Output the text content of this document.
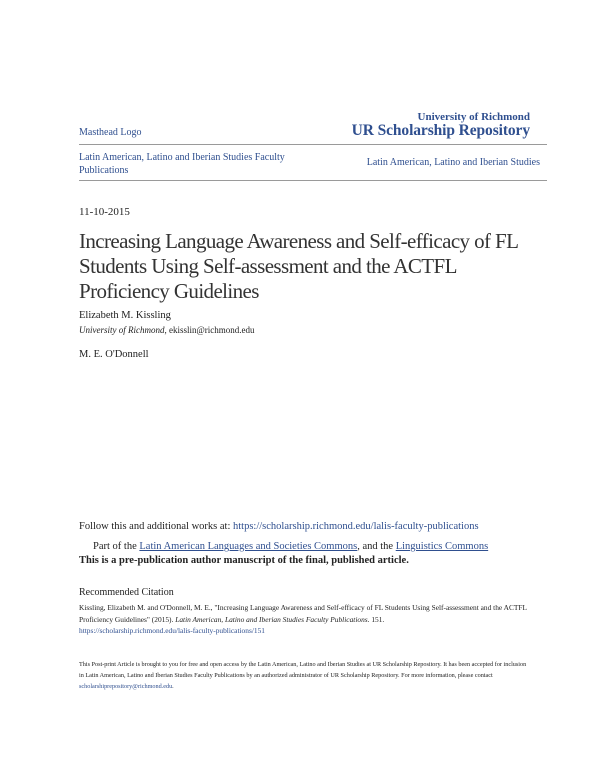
Masthead Logo
University of Richmond
UR Scholarship Repository
Latin American, Latino and Iberian Studies Faculty Publications
Latin American, Latino and Iberian Studies
11-10-2015
Increasing Language Awareness and Self-efficacy of FL Students Using Self-assessment and the ACTFL Proficiency Guidelines
Elizabeth M. Kissling
University of Richmond, ekisslin@richmond.edu
M. E. O'Donnell
Follow this and additional works at: https://scholarship.richmond.edu/lalis-faculty-publications
Part of the Latin American Languages and Societies Commons, and the Linguistics Commons
This is a pre-publication author manuscript of the final, published article.
Recommended Citation
Kissling, Elizabeth M. and O'Donnell, M. E., "Increasing Language Awareness and Self-efficacy of FL Students Using Self-assessment and the ACTFL Proficiency Guidelines" (2015). Latin American, Latino and Iberian Studies Faculty Publications. 151.
https://scholarship.richmond.edu/lalis-faculty-publications/151
This Post-print Article is brought to you for free and open access by the Latin American, Latino and Iberian Studies at UR Scholarship Repository. It has been accepted for inclusion in Latin American, Latino and Iberian Studies Faculty Publications by an authorized administrator of UR Scholarship Repository. For more information, please contact scholarshiprepository@richmond.edu.
